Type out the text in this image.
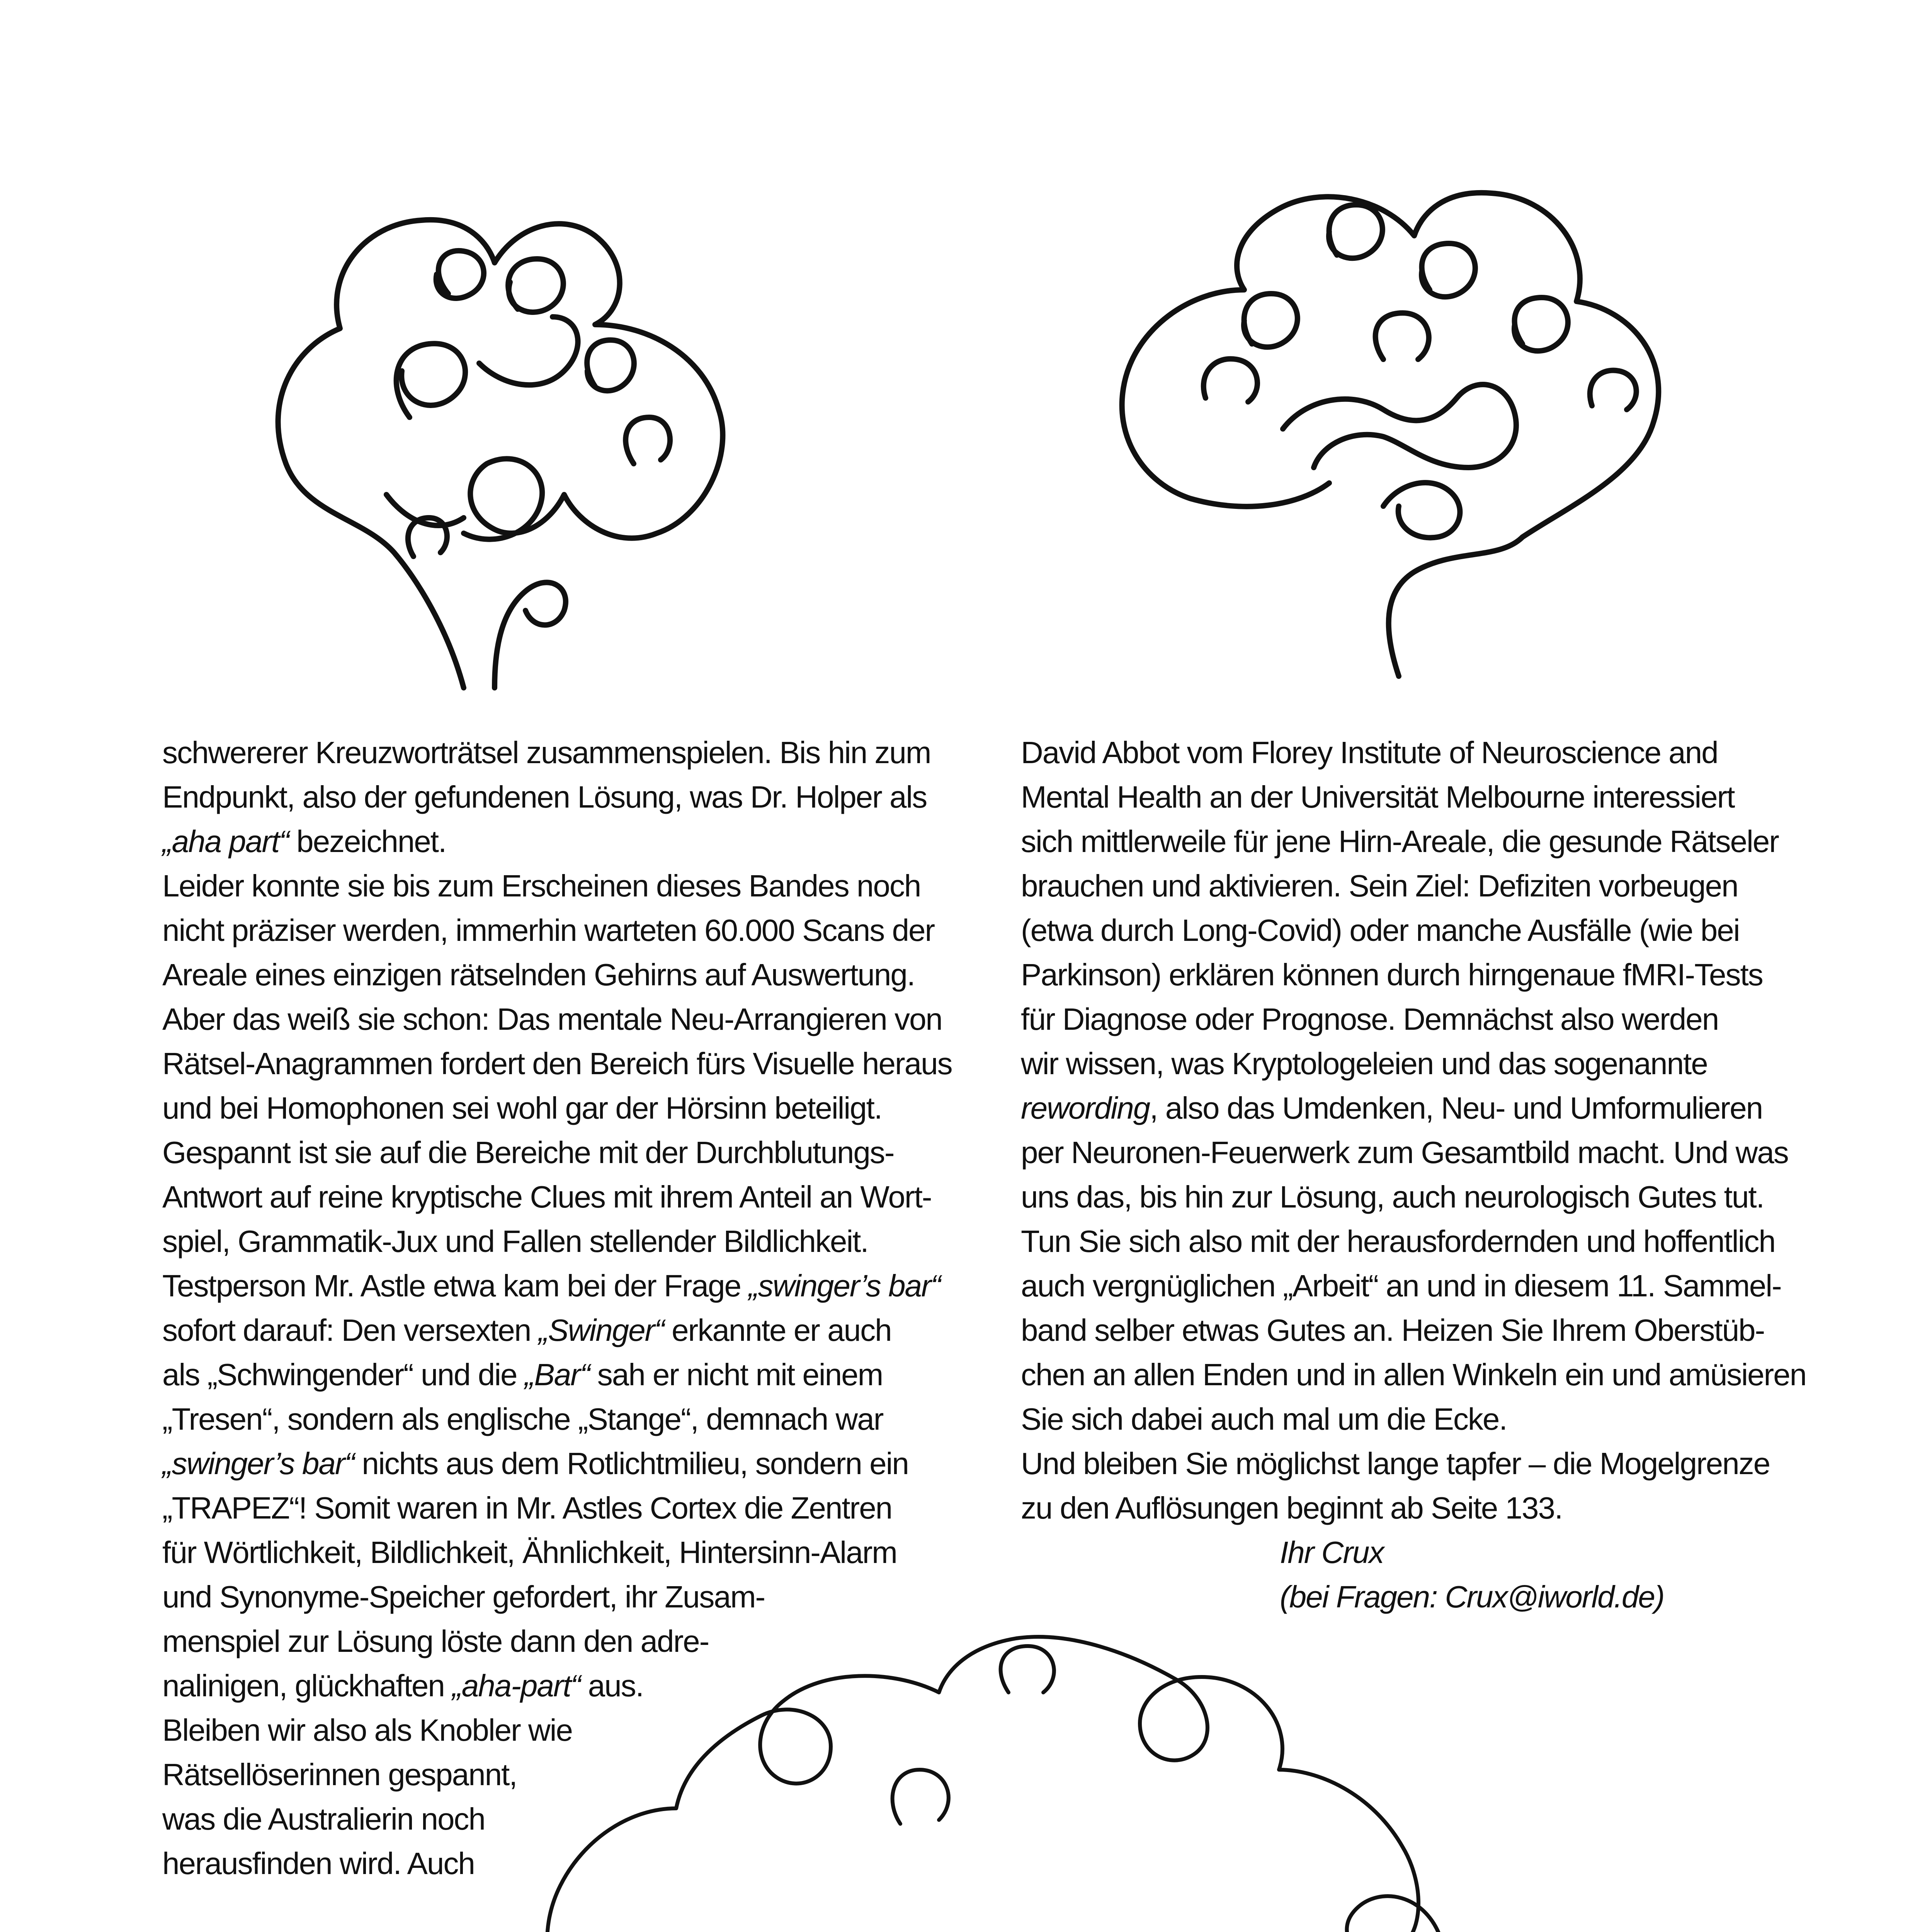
schwererer Kreuzworträtsel zusammenspielen. Bis hin zum
Endpunkt, also der gefundenen Lösung, was Dr. Holper als
„aha part“ bezeichnet.
Leider konnte sie bis zum Erscheinen dieses Bandes noch
nicht präziser werden, immerhin warteten 60.000 Scans der
Areale eines einzigen rätselnden Gehirns auf Auswertung.
Aber das weiß sie schon: Das mentale Neu-Arrangieren von
Rätsel-Anagrammen fordert den Bereich fürs Visuelle heraus
und bei Homophonen sei wohl gar der Hörsinn beteiligt.
Gespannt ist sie auf die Bereiche mit der Durchblutungs-
Antwort auf reine kryptische Clues mit ihrem Anteil an Wort-
spiel, Grammatik-Jux und Fallen stellender Bildlichkeit.
Testperson Mr. Astle etwa kam bei der Frage „swinger’s bar“
sofort darauf: Den versexten „Swinger“ erkannte er auch
als „Schwingender“ und die „Bar“ sah er nicht mit einem
„Tresen“, sondern als englische „Stange“, demnach war
„swinger’s bar“ nichts aus dem Rotlichtmilieu, sondern ein
„TRAPEZ“! Somit waren in Mr. Astles Cortex die Zentren
für Wörtlichkeit, Bildlichkeit, Ähnlichkeit, Hintersinn-Alarm
und Synonyme-Speicher gefordert, ihr Zusam-
menspiel zur Lösung löste dann den adre-
nalinigen, glückhaften „aha-part“ aus.
Bleiben wir also als Knobler wie
Rätsellöserinnen gespannt,
was die Australierin noch
herausfinden wird. Auch
David Abbot vom Florey Institute of Neuroscience and
Mental Health an der Universität Melbourne interessiert
sich mittlerweile für jene Hirn-Areale, die gesunde Rätseler
brauchen und aktivieren. Sein Ziel: Defiziten vorbeugen
(etwa durch Long-Covid) oder manche Ausfälle (wie bei
Parkinson) erklären können durch hirngenaue fMRI-Tests
für Diagnose oder Prognose. Demnächst also werden
wir wissen, was Kryptologeleien und das sogenannte
rewording, also das Umdenken, Neu- und Umformulieren
per Neuronen-Feuerwerk zum Gesamtbild macht. Und was
uns das, bis hin zur Lösung, auch neurologisch Gutes tut.
Tun Sie sich also mit der herausfordernden und hoffentlich
auch vergnüglichen „Arbeit“ an und in diesem 11. Sammel-
band selber etwas Gutes an. Heizen Sie Ihrem Oberstüb-
chen an allen Enden und in allen Winkeln ein und amüsieren
Sie sich dabei auch mal um die Ecke.
Und bleiben Sie möglichst lange tapfer – die Mogelgrenze
zu den Auflösungen beginnt ab Seite 133.
Ihr Crux
(bei Fragen: Crux@iworld.de)
